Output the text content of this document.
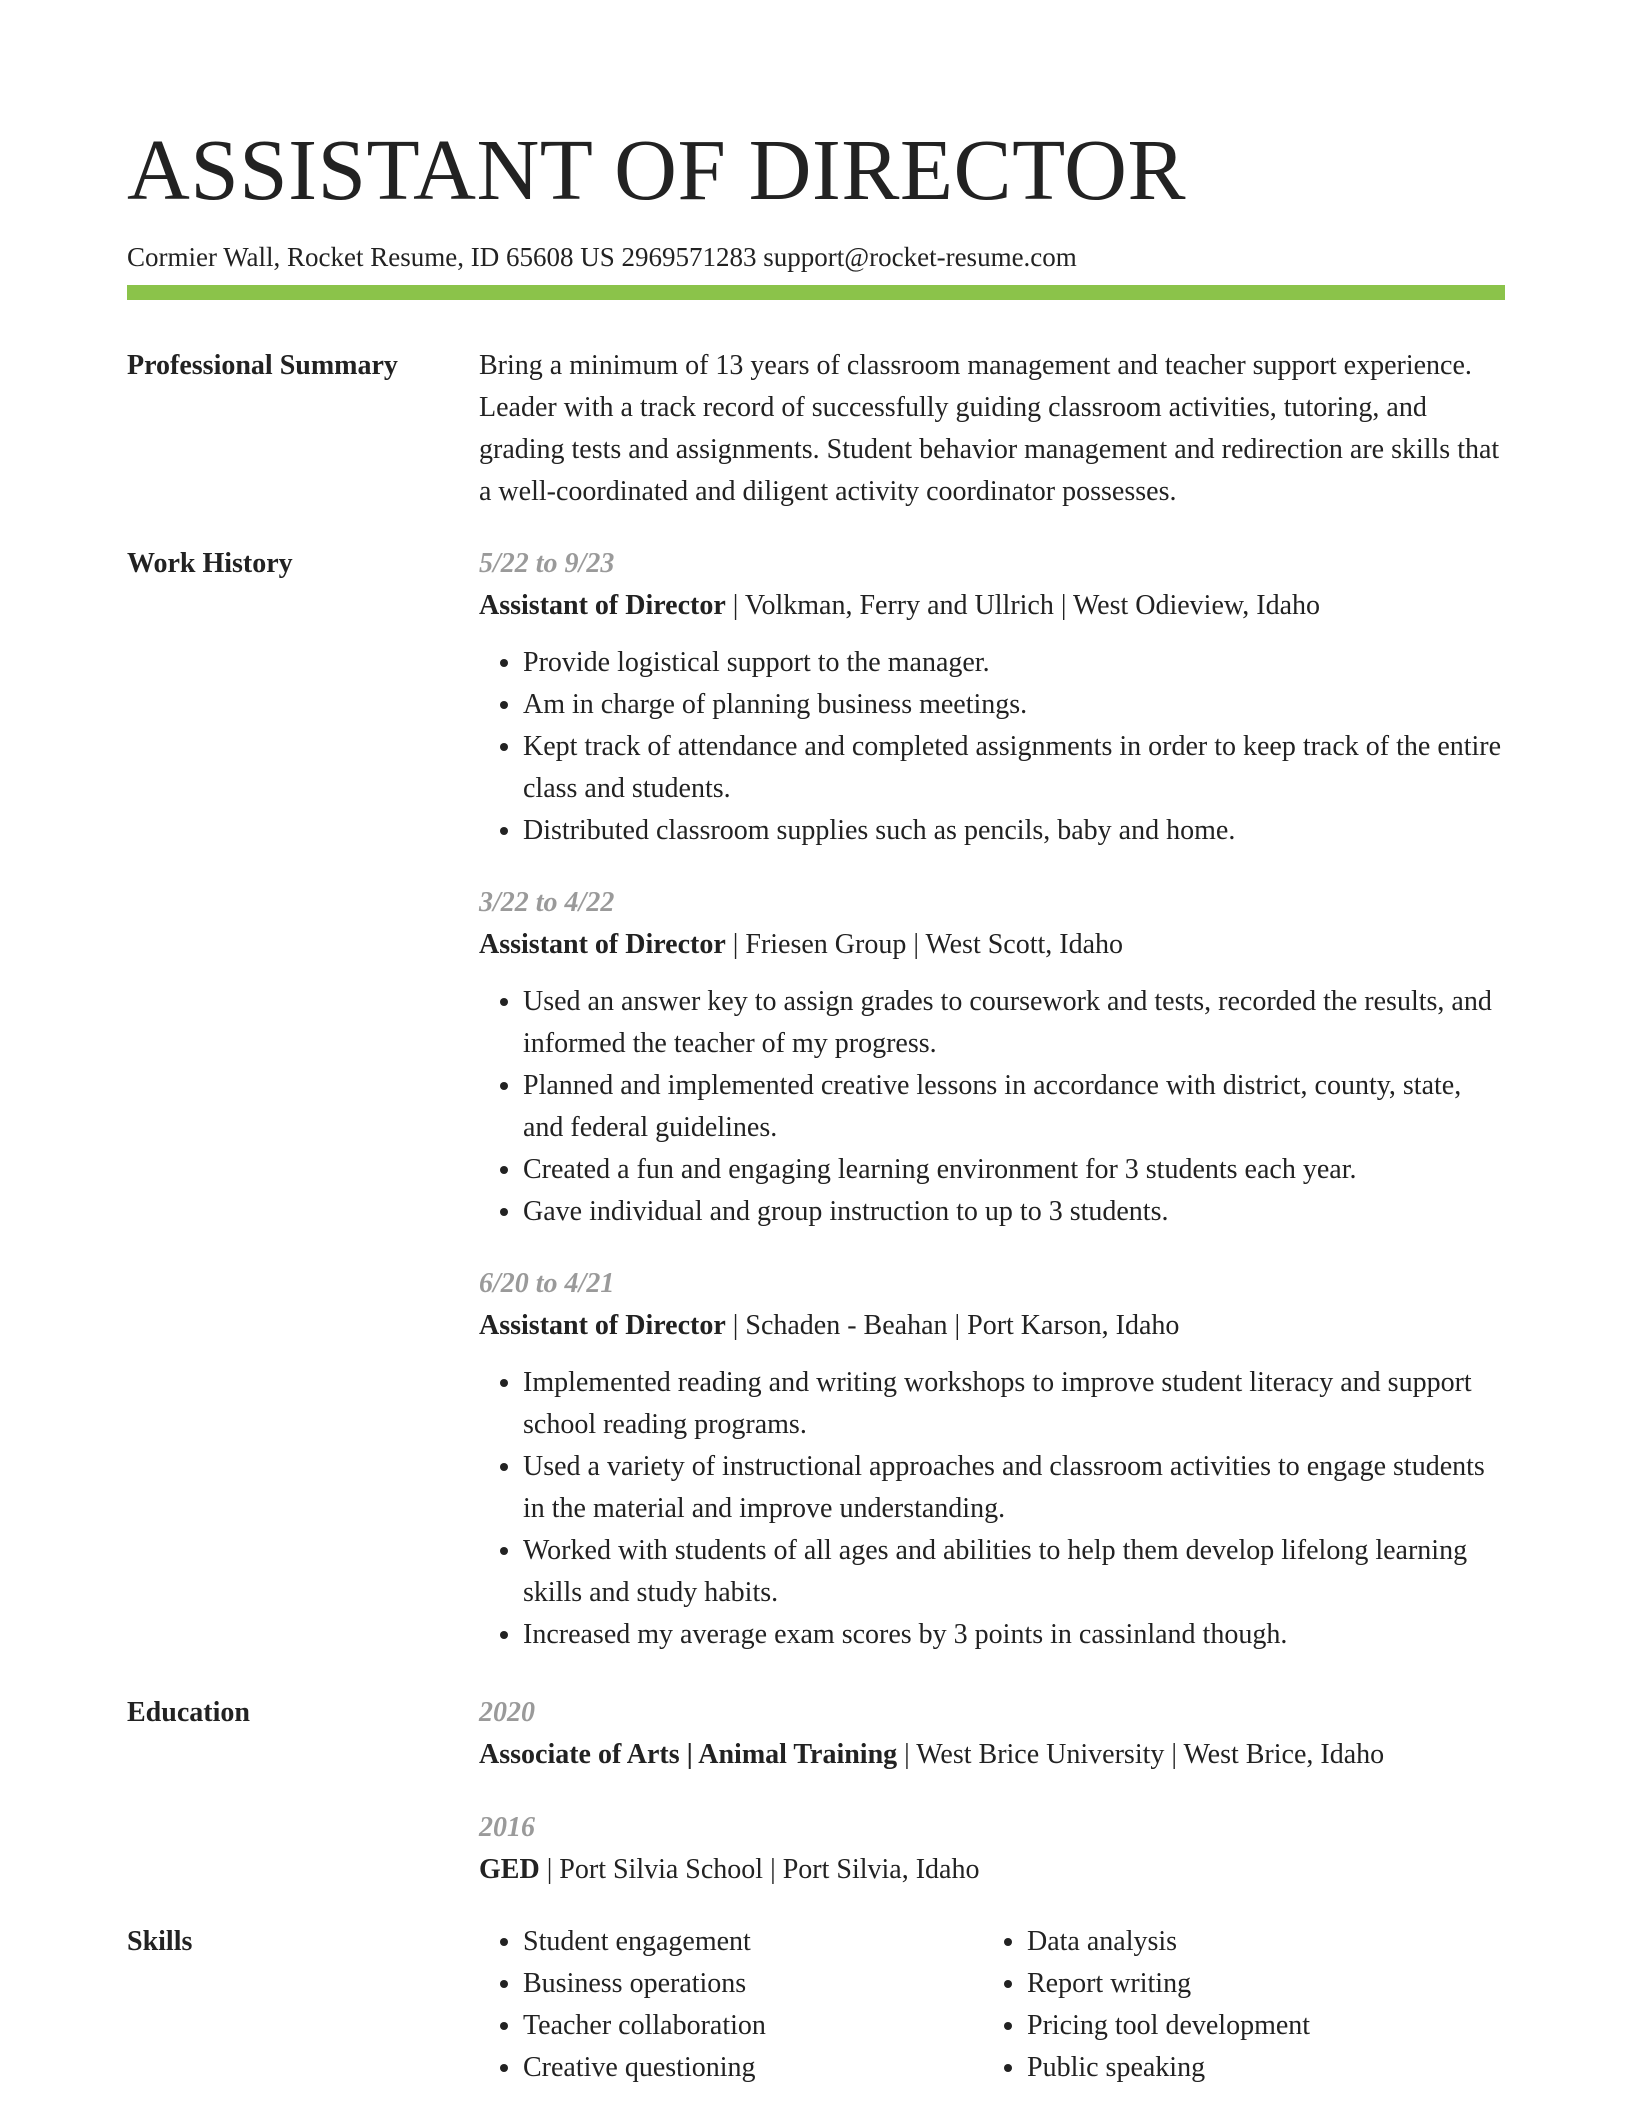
ASSISTANT OF DIRECTOR
Cormier Wall, Rocket Resume, ID 65608 US 2969571283 support@rocket-resume.com
Professional Summary	Bring a minimum of 13 years of classroom management and teacher support experience. Leader with a track record of successfully guiding classroom activities, tutoring, and grading tests and assignments. Student behavior management and redirection are skills that a well-coordinated and diligent activity coordinator possesses.

Work History	5/22 to 9/23
Assistant of Director | Volkman, Ferry and Ullrich | West Odieview, Idaho
• Provide logistical support to the manager.
• Am in charge of planning business meetings.
• Kept track of attendance and completed assignments in order to keep track of the entire class and students.
• Distributed classroom supplies such as pencils, baby and home.
3/22 to 4/22
Assistant of Director | Friesen Group | West Scott, Idaho
• Used an answer key to assign grades to coursework and tests, recorded the results, and informed the teacher of my progress.
• Planned and implemented creative lessons in accordance with district, county, state, and federal guidelines.
• Created a fun and engaging learning environment for 3 students each year.
• Gave individual and group instruction to up to 3 students.
6/20 to 4/21
Assistant of Director | Schaden - Beahan | Port Karson, Idaho
• Implemented reading and writing workshops to improve student literacy and support school reading programs.
• Used a variety of instructional approaches and classroom activities to engage students in the material and improve understanding.
• Worked with students of all ages and abilities to help them develop lifelong learning skills and study habits.
• Increased my average exam scores by 3 points in cassinland though.
Education	2020
Associate of Arts | Animal Training | West Brice University | West Brice, Idaho
2016
GED | Port Silvia School | Port Silvia, Idaho
Skills
•	Student engagement
• Business operations
• Teacher collaboration
• Creative questioning
• Data analysis
• Report writing
• Pricing tool development
• Public speaking
